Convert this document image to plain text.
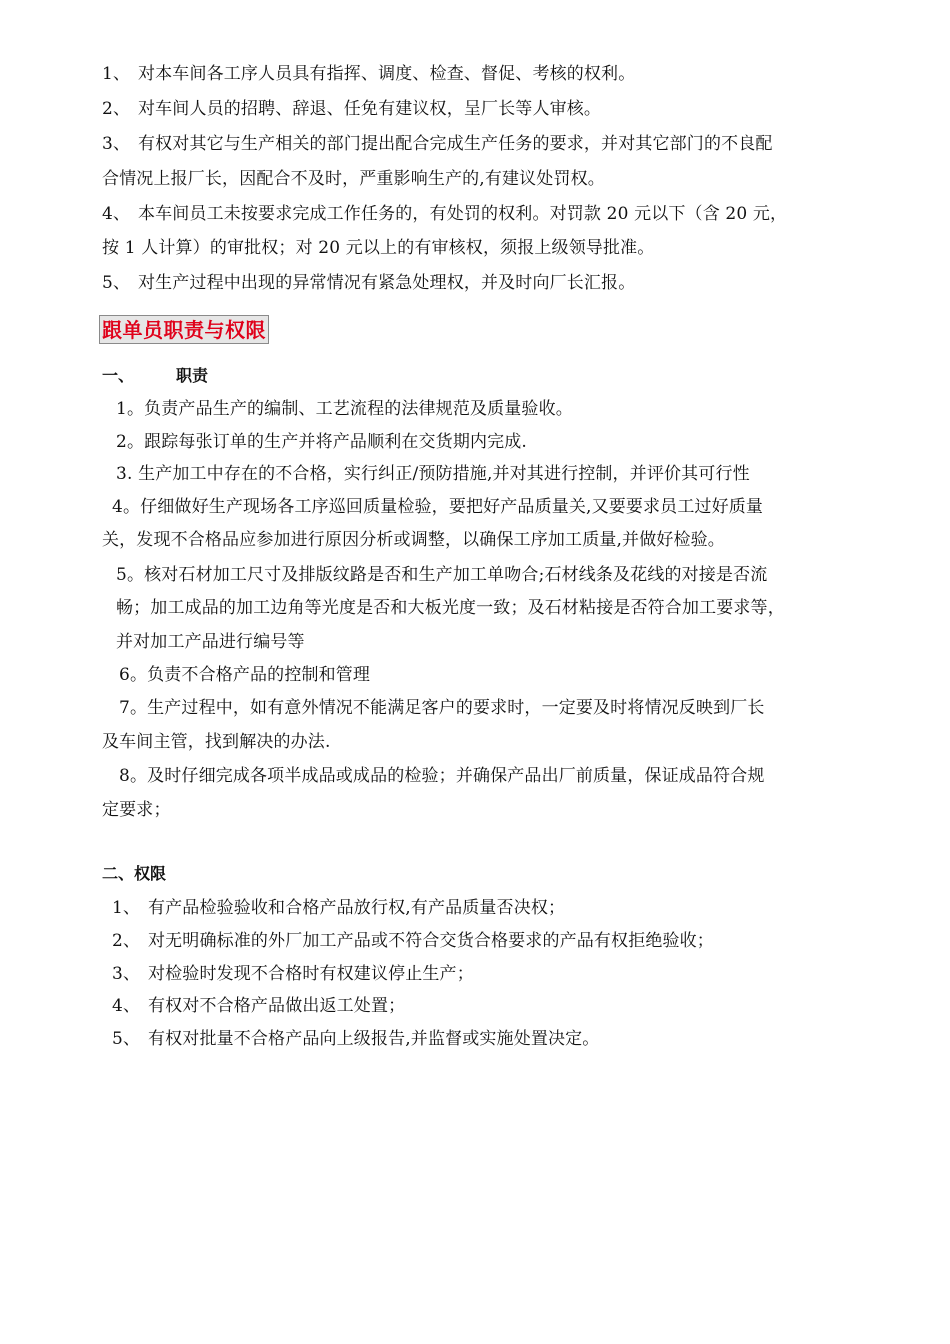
1、 对本车间各工序人员具有指挥、调度、检查、督促、考核的权利。
2、 对车间人员的招聘、辞退、任免有建议权，呈厂长等人审核。
3、 有权对其它与生产相关的部门提出配合完成生产任务的要求，并对其它部门的不良配
合情况上报厂长，因配合不及时，严重影响生产的,有建议处罚权。
4、 本车间员工未按要求完成工作任务的，有处罚的权利。对罚款 20 元以下（含 20 元，
按 1 人计算）的审批权；对 20 元以上的有审核权，须报上级领导批准。
5、 对生产过程中出现的异常情况有紧急处理权，并及时向厂长汇报。
跟单员职责与权限
一、	职责
1。负责产品生产的编制、工艺流程的法律规范及质量验收。
2。跟踪每张订单的生产并将产品顺利在交货期内完成.
3. 生产加工中存在的不合格，实行纠正/预防措施,并对其进行控制，并评价其可行性
4。仔细做好生产现场各工序巡回质量检验，要把好产品质量关,又要要求员工过好质量
关，发现不合格品应参加进行原因分析或调整，以确保工序加工质量,并做好检验。
5。核对石材加工尺寸及排版纹路是否和生产加工单吻合;石材线条及花线的对接是否流
畅；加工成品的加工边角等光度是否和大板光度一致；及石材粘接是否符合加工要求等，
并对加工产品进行编号等
6。负责不合格产品的控制和管理
7。生产过程中，如有意外情况不能满足客户的要求时，一定要及时将情况反映到厂长
及车间主管，找到解决的办法.
8。及时仔细完成各项半成品或成品的检验；并确保产品出厂前质量，保证成品符合规
定要求；
二、权限
1、 有产品检验验收和合格产品放行权,有产品质量否决权；
2、 对无明确标准的外厂加工产品或不符合交货合格要求的产品有权拒绝验收；
3、 对检验时发现不合格时有权建议停止生产；
4、 有权对不合格产品做出返工处置；
5、 有权对批量不合格产品向上级报告,并监督或实施处置决定。
